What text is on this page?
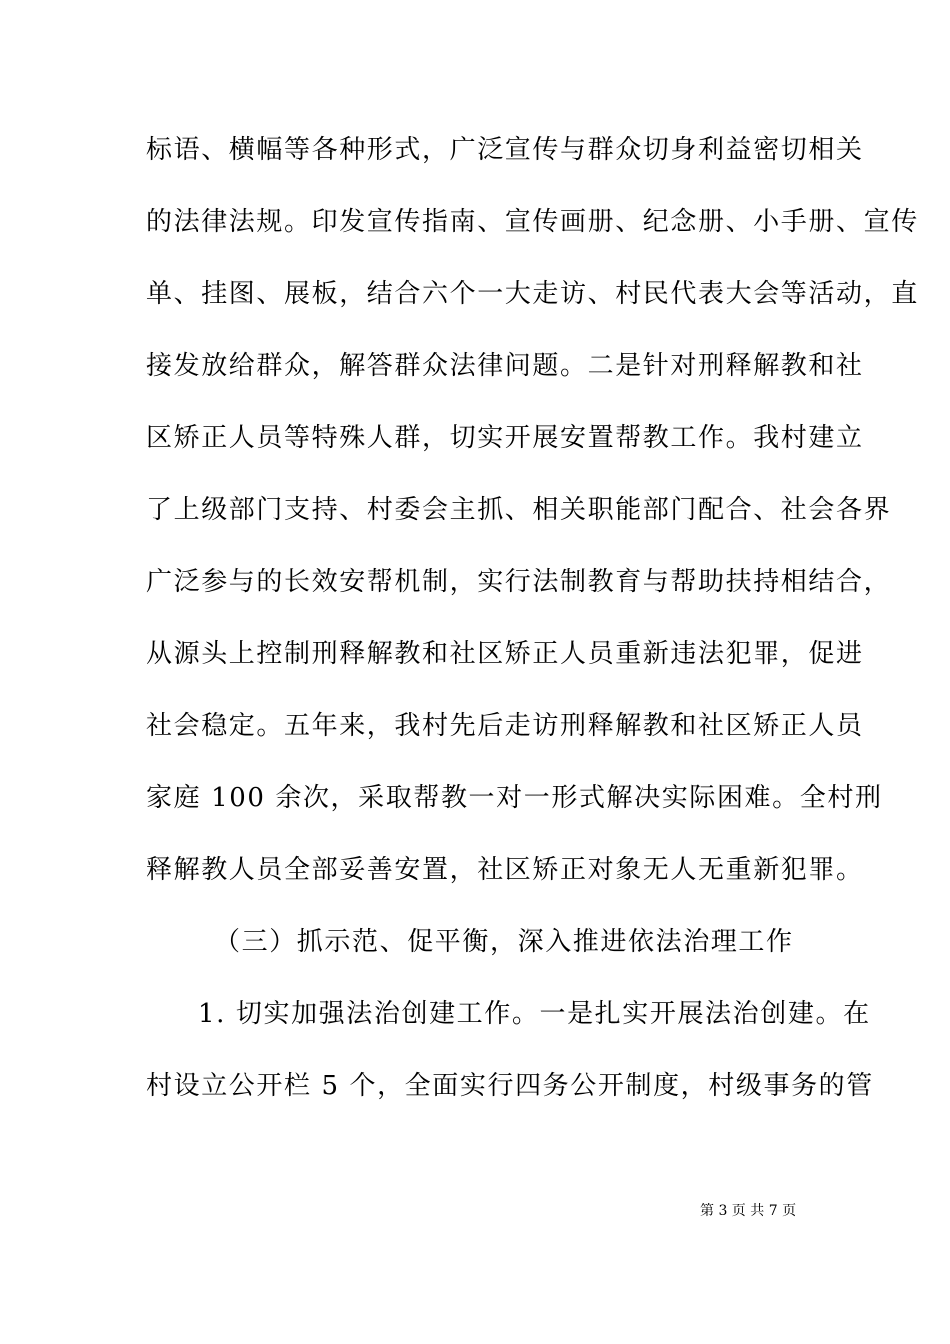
标语、横幅等各种形式，广泛宣传与群众切身利益密切相关
的法律法规。印发宣传指南、宣传画册、纪念册、小手册、宣传
单、挂图、展板，结合六个一大走访、村民代表大会等活动，直
接发放给群众，解答群众法律问题。二是针对刑释解教和社
区矫正人员等特殊人群，切实开展安置帮教工作。我村建立
了上级部门支持、村委会主抓、相关职能部门配合、社会各界
广泛参与的长效安帮机制，实行法制教育与帮助扶持相结合，
从源头上控制刑释解教和社区矫正人员重新违法犯罪，促进
社会稳定。五年来，我村先后走访刑释解教和社区矫正人员
家庭 100 余次，采取帮教一对一形式解决实际困难。全村刑
释解教人员全部妥善安置，社区矫正对象无人无重新犯罪。
（三）抓示范、促平衡，深入推进依法治理工作
1. 切实加强法治创建工作。一是扎实开展法治创建。在
村设立公开栏 5 个，全面实行四务公开制度，村级事务的管
第 3 页 共 7 页
